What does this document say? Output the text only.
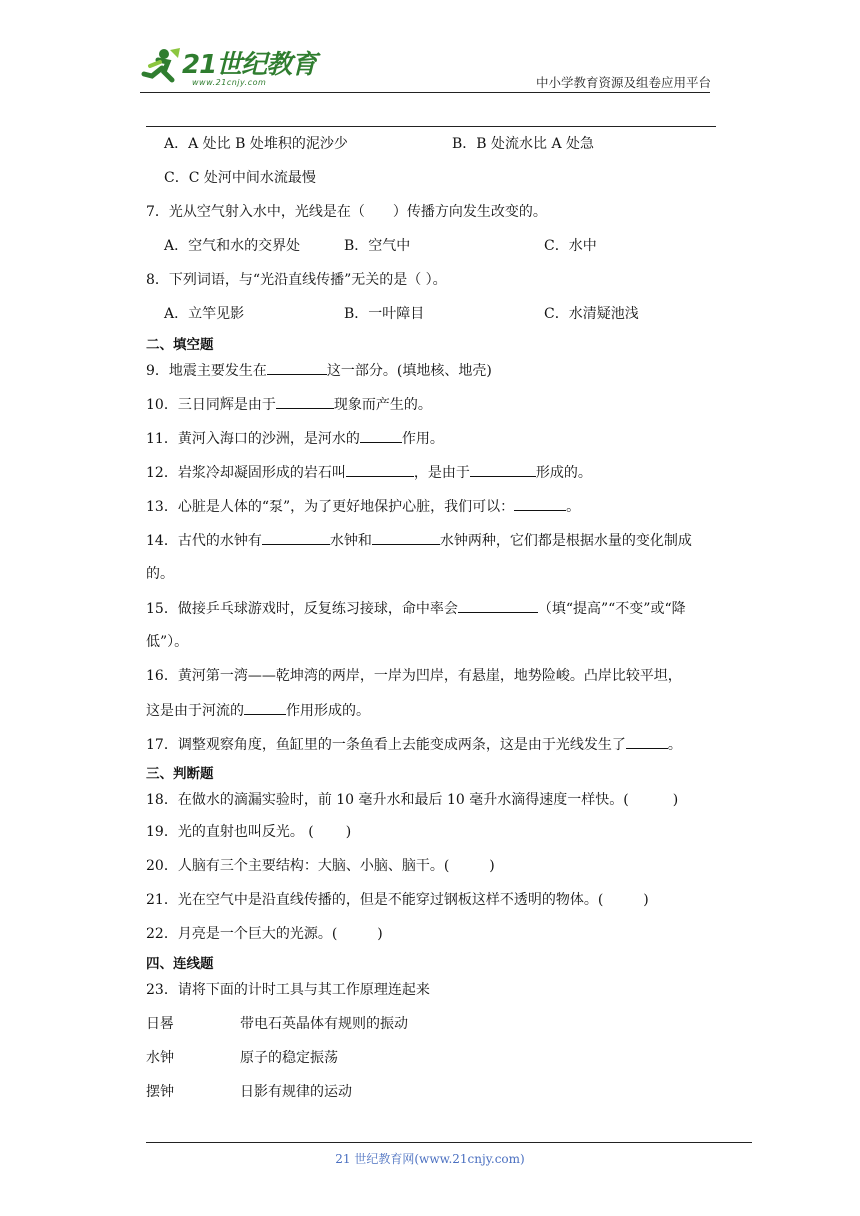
21世纪教育
www.21cnjy.com	中小学教育资源及组卷应用平台
A．A 处比 B 处堆积的泥沙少	B．B 处流水比 A 处急
C．C 处河中间水流最慢
7．光从空气射入水中，光线是在（ ）传播方向发生改变的。
A．空气和水的交界处	B．空气中	C．水中
8．下列词语，与“光沿直线传播”无关的是（ ）。
A．立竿见影	B．一叶障目	C．水清疑池浅
二、填空题
9．地震主要发生在	这一部分。(填地核、地壳)
10．三日同辉是由于	现象而产生的。
11．黄河入海口的沙洲，是河水的	作用。
12．岩浆冷却凝固形成的岩石叫	，是由于	形成的。
13．心脏是人体的“泵”，为了更好地保护心脏，我们可以：	。
14．古代的水钟有	水钟和	水钟两种，它们都是根据水量的变化制成
的。
15．做接乒乓球游戏时，反复练习接球，命中率会	（填“提高”“不变”或“降
低”）。
16．黄河第一湾——乾坤湾的两岸，一岸为凹岸，有悬崖，地势险峻。凸岸比较平坦，
这是由于河流的	作用形成的。
17．调整观察角度，鱼缸里的一条鱼看上去能变成两条，这是由于光线发生了	。
三、判断题
18．在做水的滴漏实验时，前 10 毫升水和最后 10 毫升水滴得速度一样快。(	)
19．光的直射也叫反光。 ( )
20．人脑有三个主要结构：大脑、小脑、脑干。(	)
21．光在空气中是沿直线传播的，但是不能穿过钢板这样不透明的物体。(	)
22．月亮是一个巨大的光源。(	)
四、连线题
23．请将下面的计时工具与其工作原理连起来
日晷	带电石英晶体有规则的振动
水钟	原子的稳定振荡
摆钟	日影有规律的运动
21 世纪教育网(www.21cnjy.com)
